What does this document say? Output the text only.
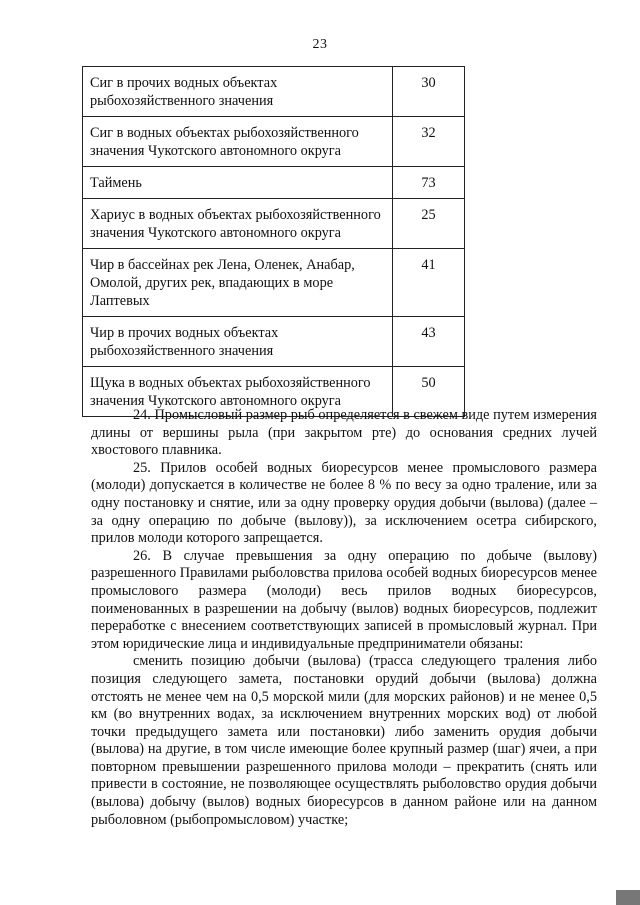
23
Сиг в прочих водных объектах рыбохозяйственного значения	30
Сиг в водных объектах рыбохозяйственного значения Чукотского автономного округа	32
Таймень	73
Хариус в водных объектах рыбохозяйственного значения Чукотского автономного округа	25
Чир в бассейнах рек Лена, Оленек, Анабар, Омолой, других рек, впадающих в море Лаптевых	41
Чир в прочих водных объектах рыбохозяйственного значения	43
Щука в водных объектах рыбохозяйственного значения Чукотского автономного округа	50

24. Промысловый размер рыб определяется в свежем виде путем измерения длины от вершины рыла (при закрытом рте) до основания средних лучей хвостового плавника.

25. Прилов особей водных биоресурсов менее промыслового размера (молоди) допускается в количестве не более 8 % по весу за одно траление, или за одну постановку и снятие, или за одну проверку орудия добычи (вылова) (далее – за одну операцию по добыче (вылову)), за исключением осетра сибирского, прилов молоди которого запрещается.

26. В случае превышения за одну операцию по добыче (вылову) разрешенного Правилами рыболовства прилова особей водных биоресурсов менее промыслового размера (молоди) весь прилов водных биоресурсов, поименованных в разрешении на добычу (вылов) водных биоресурсов, подлежит переработке с внесением соответствующих записей в промысловый журнал. При этом юридические лица и индивидуальные предприниматели обязаны:

сменить позицию добычи (вылова) (трасса следующего траления либо позиция следующего замета, постановки орудий добычи (вылова) должна отстоять не менее чем на 0,5 морской мили (для морских районов) и не менее 0,5 км (во внутренних водах, за исключением внутренних морских вод) от любой точки предыдущего замета или постановки) либо заменить орудия добычи (вылова) на другие, в том числе имеющие более крупный размер (шаг) ячеи, а при повторном превышении разрешенного прилова молоди – прекратить (снять или привести в состояние, не позволяющее осуществлять рыболовство орудия добычи (вылова) добычу (вылов) водных биоресурсов в данном районе или на данном рыболовном (рыбопромысловом) участке;
